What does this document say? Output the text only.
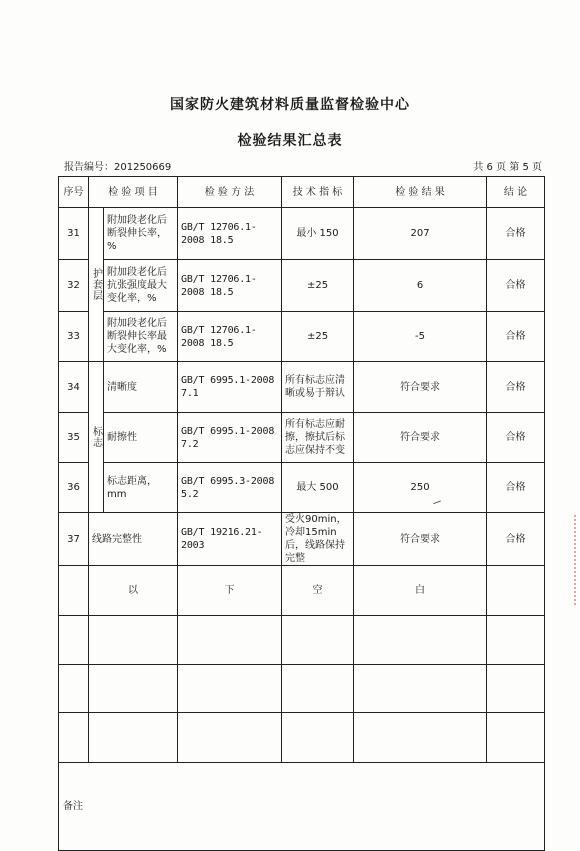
国家防火建筑材料质量监督检验中心
检验结果汇总表
报告编号：201250669	共 6 页 第 5 页
序号	检 验 项 目		检 验 方 法	技 术 指 标	检 验 结 果	结 论
31	护套层	附加段老化后断裂伸长率，%	GB/T 12706.1-2008 18.5	最小 150	207	合格
32		附加段老化后抗张强度最大变化率，%	GB/T 12706.1-2008 18.5	±25	6	合格
33		附加段老化后断裂伸长率最大变化率，%	GB/T 12706.1-2008 18.5	±25	-5	合格
34	标志	清晰度	GB/T 6995.1-2008 7.1	所有标志应清晰或易于辩认	符合要求	合格
35		耐擦性	GB/T 6995.1-2008 7.2	所有标志应耐擦，擦拭后标志应保持不变	符合要求	合格
36		标志距离，mm	GB/T 6995.3-2008 5.2	最大 500	250	合格
37	线路完整性		GB/T 19216.21-2003	受火90min，冷却15min后，线路保持完整	符合要求	合格
	以		下	空	白	

备注						
